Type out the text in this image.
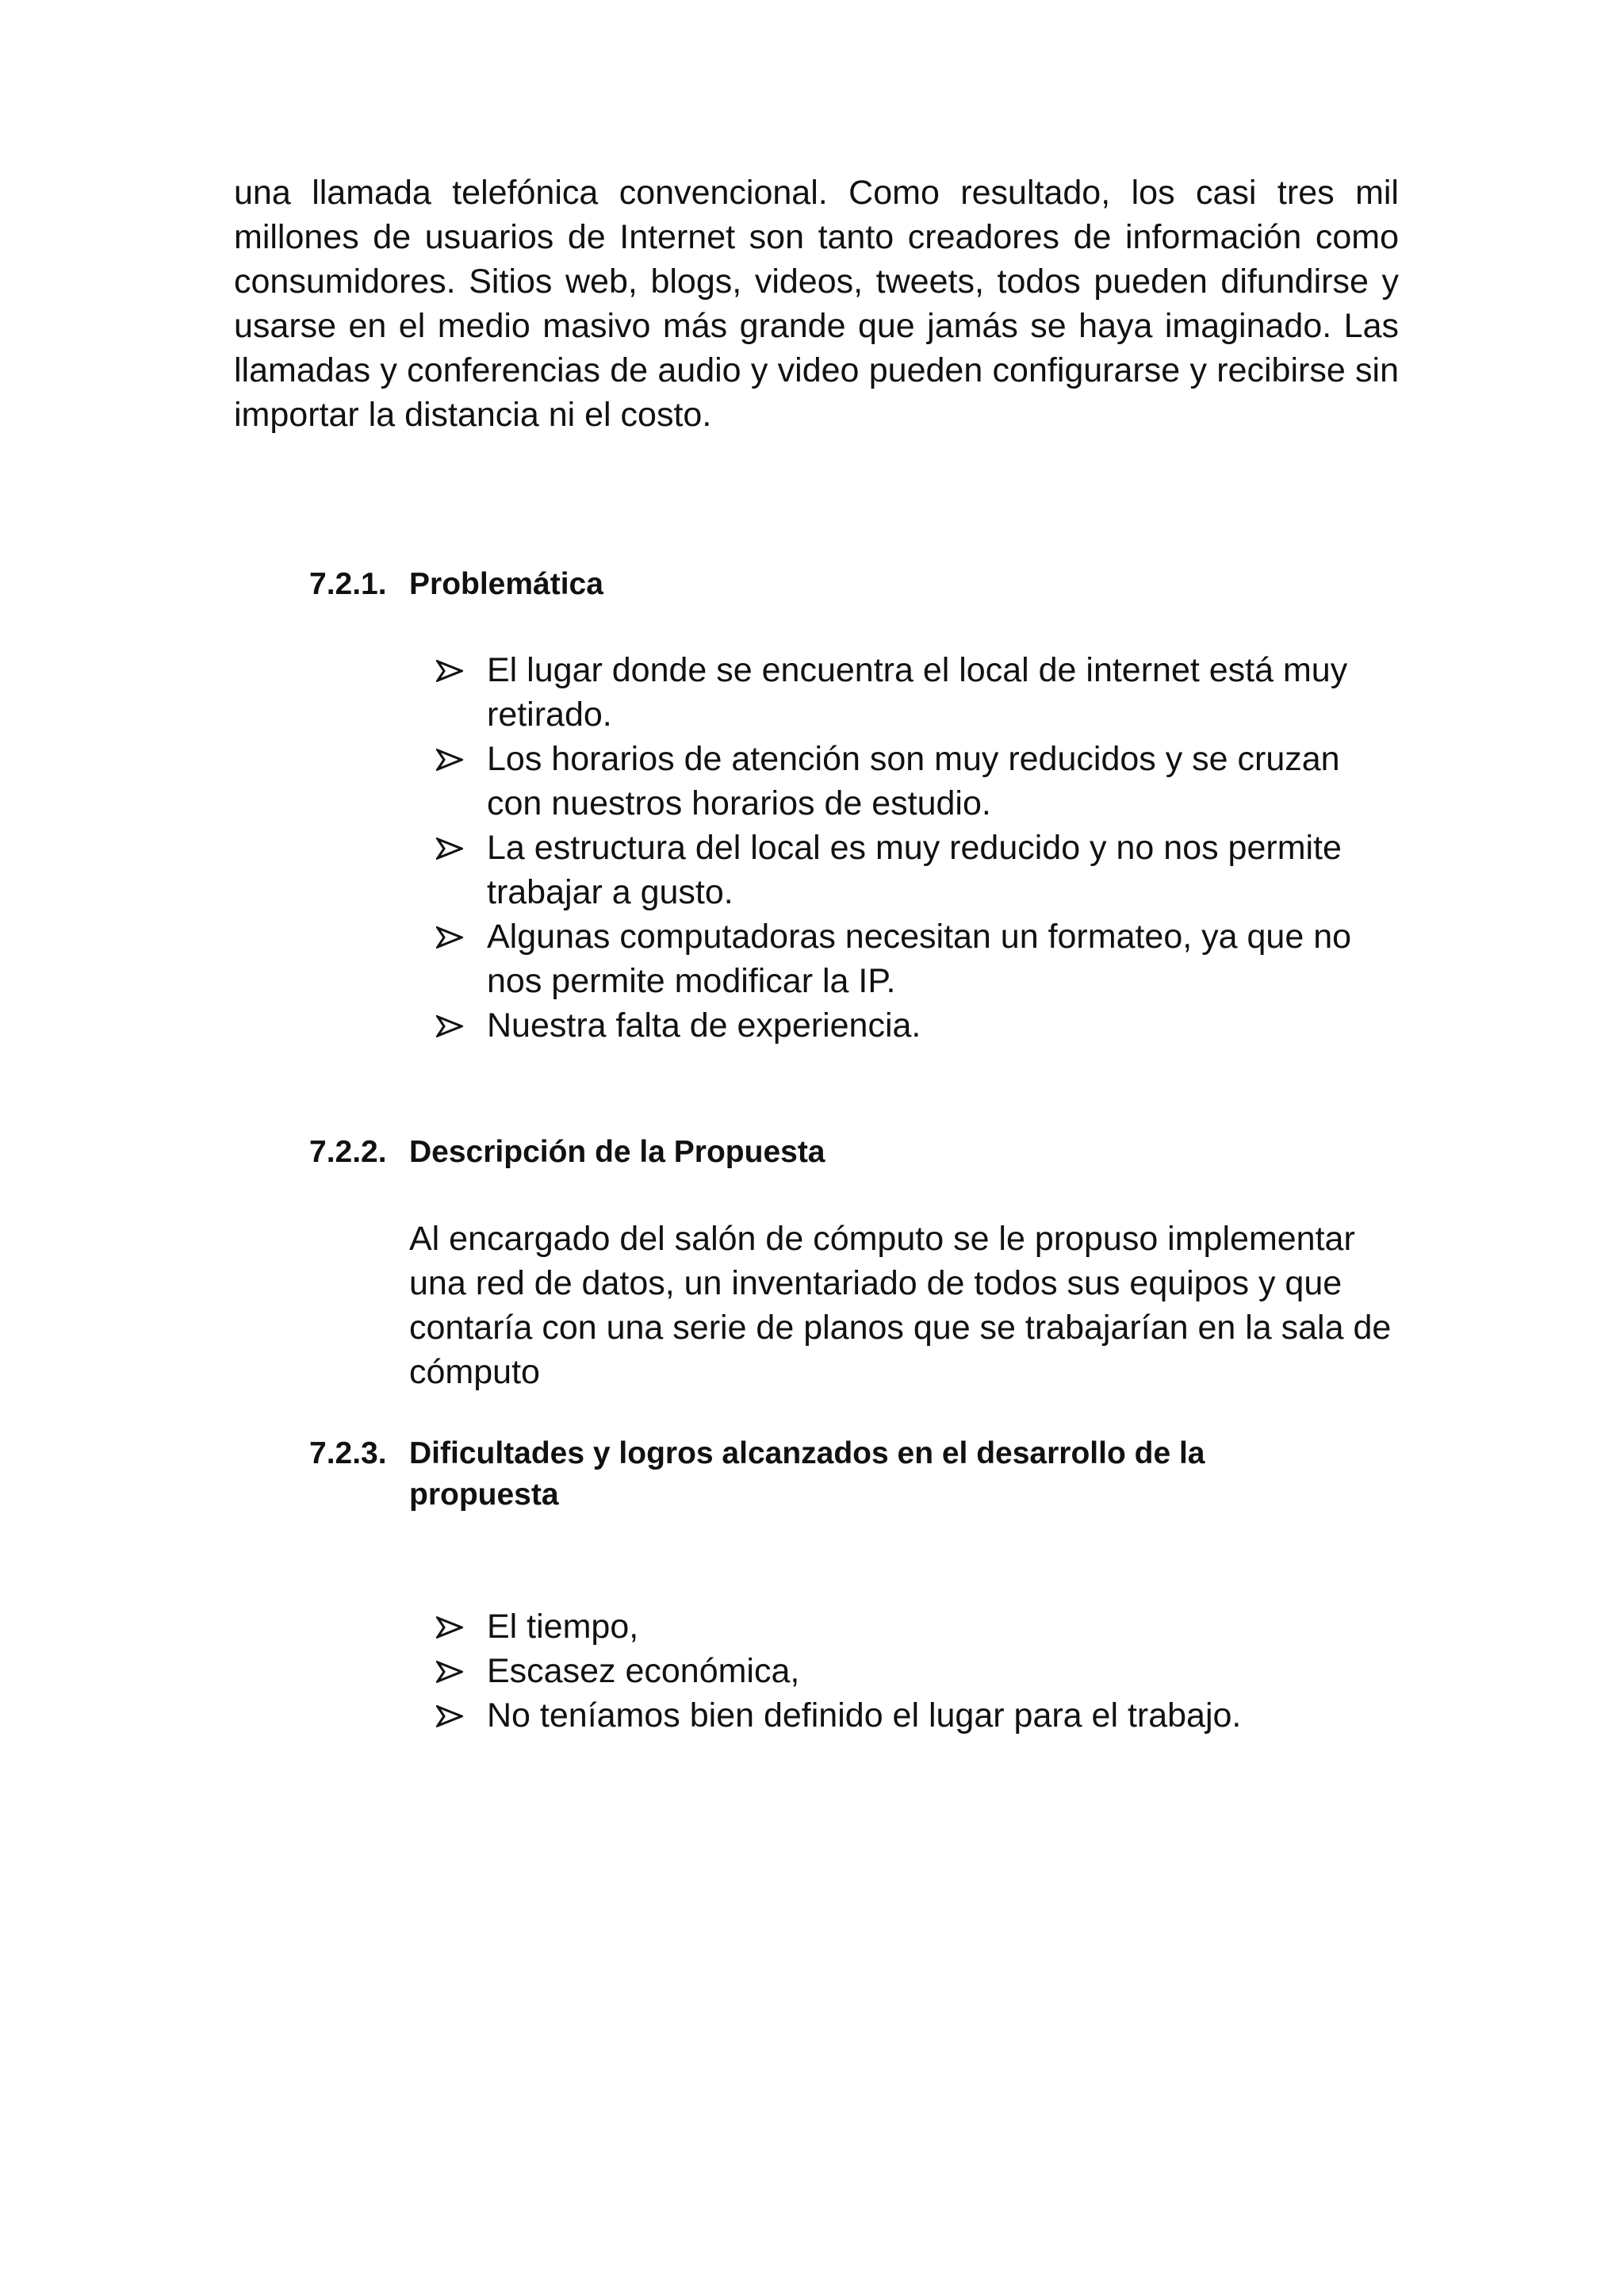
una llamada telefónica convencional. Como resultado, los casi tres mil millones de usuarios de Internet son tanto creadores de información como consumidores. Sitios web, blogs, videos, tweets, todos pueden difundirse y usarse en el medio masivo más grande que jamás se haya imaginado. Las llamadas y conferencias de audio y video pueden configurarse y recibirse sin importar la distancia ni el costo.

7.2.1. Problemática
El lugar donde se encuentra el local de internet está muy retirado.
Los horarios de atención son muy reducidos y se cruzan con nuestros horarios de estudio.
La estructura del local es muy reducido y no nos permite trabajar a gusto.
Algunas computadoras necesitan un formateo, ya que no nos permite modificar la IP.
Nuestra falta de experiencia.
7.2.2. Descripción de la Propuesta

Al encargado del salón de cómputo se le propuso implementar una red de datos, un inventariado de todos sus equipos y que contaría con una serie de planos que se trabajarían en la sala de cómputo

7.2.3. Dificultades y logros alcanzados en el desarrollo de la propuesta
El tiempo,
Escasez económica,
No teníamos bien definido el lugar para el trabajo.
